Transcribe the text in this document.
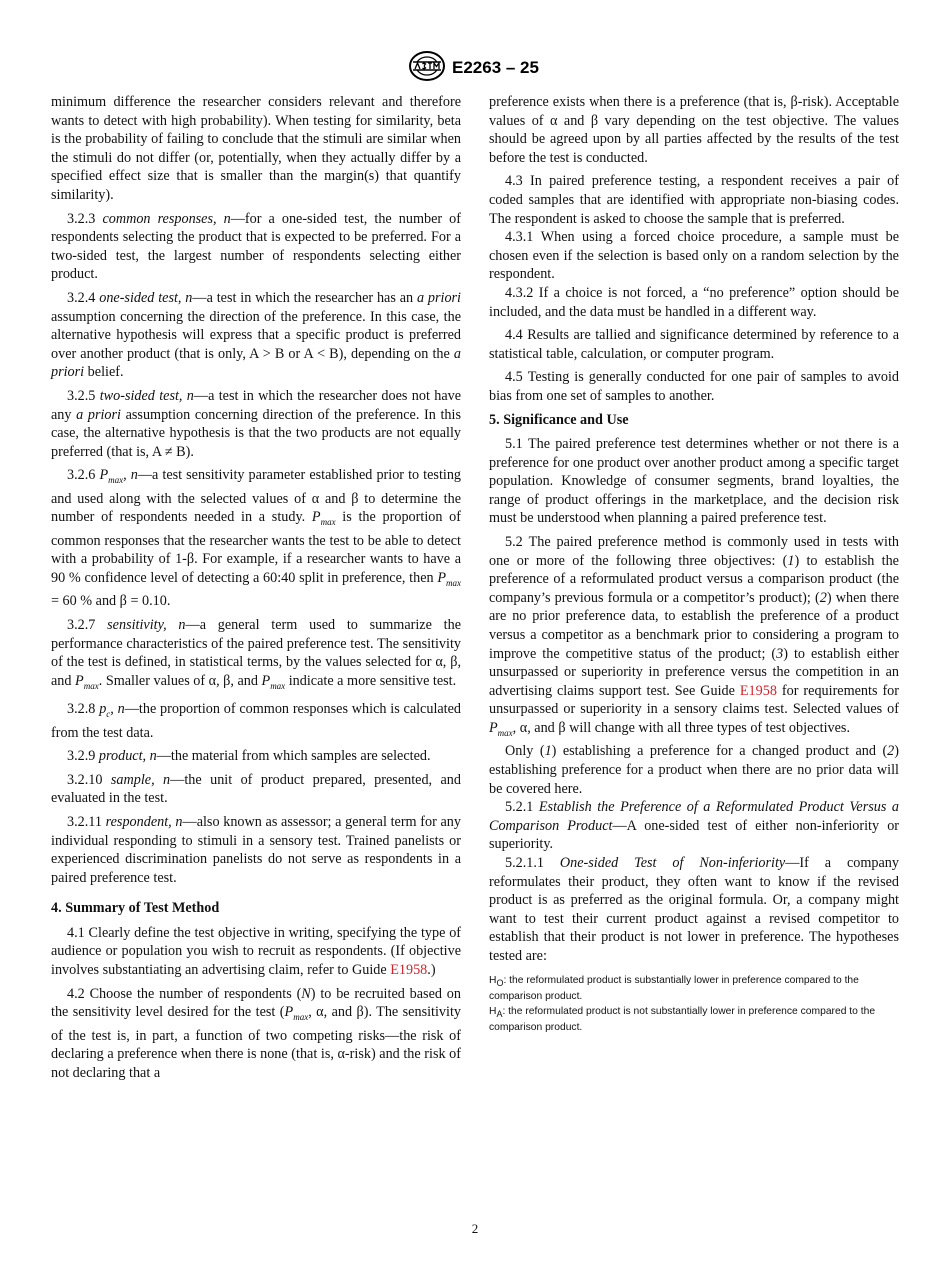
E2263 – 25

minimum difference the researcher considers relevant and therefore wants to detect with high probability). When testing for similarity, beta is the probability of failing to conclude that the stimuli are similar when the stimuli do not differ (or, potentially, when they actually differ by a specified effect size that is smaller than the margin(s) that quantify similarity).

3.2.3 common responses, n—for a one-sided test, the number of respondents selecting the product that is expected to be preferred. For a two-sided test, the largest number of respondents selecting either product.

3.2.4 one-sided test, n—a test in which the researcher has an a priori assumption concerning the direction of the preference. In this case, the alternative hypothesis will express that a specific product is preferred over another product (that is only, A > B or A < B), depending on the a priori belief.

3.2.5 two-sided test, n—a test in which the researcher does not have any a priori assumption concerning direction of the preference. In this case, the alternative hypothesis is that the two products are not equally preferred (that is, A ≠ B).

3.2.6 $P_{max}$, n—a test sensitivity parameter established prior to testing and used along with the selected values of α and β to determine the number of respondents needed in a study. $P_{max}$ is the proportion of common responses that the researcher wants the test to be able to detect with a probability of 1-β. For example, if a researcher wants to have a 90 % confidence level of detecting a 60:40 split in preference, then $P_{max} = 60$ % and β = 0.10.

3.2.7 sensitivity, n—a general term used to summarize the performance characteristics of the paired preference test. The sensitivity of the test is defined, in statistical terms, by the values selected for α, β, and $P_{max}$. Smaller values of α, β, and $P_{max}$ indicate a more sensitive test.

3.2.8 $p_c$, n—the proportion of common responses which is calculated from the test data.

3.2.9 product, n—the material from which samples are selected.

3.2.10 sample, n—the unit of product prepared, presented, and evaluated in the test.

3.2.11 respondent, n—also known as assessor; a general term for any individual responding to stimuli in a sensory test. Trained panelists or experienced discrimination panelists do not serve as respondents in a paired preference test.

4. Summary of Test Method

4.1 Clearly define the test objective in writing, specifying the type of audience or population you wish to recruit as respondents. (If objective involves substantiating an advertising claim, refer to Guide E1958.)

4.2 Choose the number of respondents (N) to be recruited based on the sensitivity level desired for the test ($P_{max}$, α, and β). The sensitivity of the test is, in part, a function of two competing risks—the risk of declaring a preference when there is none (that is, α-risk) and the risk of not declaring that a

preference exists when there is a preference (that is, β-risk). Acceptable values of α and β vary depending on the test objective. The values should be agreed upon by all parties affected by the results of the test before the test is conducted.

4.3 In paired preference testing, a respondent receives a pair of coded samples that are identified with appropriate non-biasing codes. The respondent is asked to choose the sample that is preferred.

4.3.1 When using a forced choice procedure, a sample must be chosen even if the selection is based only on a random selection by the respondent.

4.3.2 If a choice is not forced, a “no preference” option should be included, and the data must be handled in a different way.

4.4 Results are tallied and significance determined by reference to a statistical table, calculation, or computer program.

4.5 Testing is generally conducted for one pair of samples to avoid bias from one set of samples to another.

5. Significance and Use

5.1 The paired preference test determines whether or not there is a preference for one product over another product among a specific target population. Knowledge of consumer segments, brand loyalties, the range of product offerings in the marketplace, and the decision risk must be understood when planning a paired preference test.

5.2 The paired preference method is commonly used in tests with one or more of the following three objectives: (1) to establish the preference of a reformulated product versus a comparison product (the company’s previous formula or a competitor’s product); (2) when there are no prior preference data, to establish the preference of a product versus a competitor as a benchmark prior to considering a program to improve the competitive status of the product; (3) to establish either unsurpassed or superiority in preference versus the competition in an advertising claims support test. See Guide E1958 for requirements for unsurpassed or superiority in a sensory claims test. Selected values of $P_{max}$, α, and β will change with all three types of test objectives.

Only (1) establishing a preference for a changed product and (2) establishing preference for a product when there are no prior data will be covered here.

5.2.1 Establish the Preference of a Reformulated Product Versus a Comparison Product—A one-sided test of either non-inferiority or superiority.

5.2.1.1 One-sided Test of Non-inferiority—If a company reformulates their product, they often want to know if the revised product is as preferred as the original formula. Or, a company might want to test their current product against a revised competitor to establish that their product is not lower in preference. The hypotheses tested are:

$H_O$: the reformulated product is substantially lower in preference compared to the comparison product.

$H_A$: the reformulated product is not substantially lower in preference compared to the comparison product.

2
